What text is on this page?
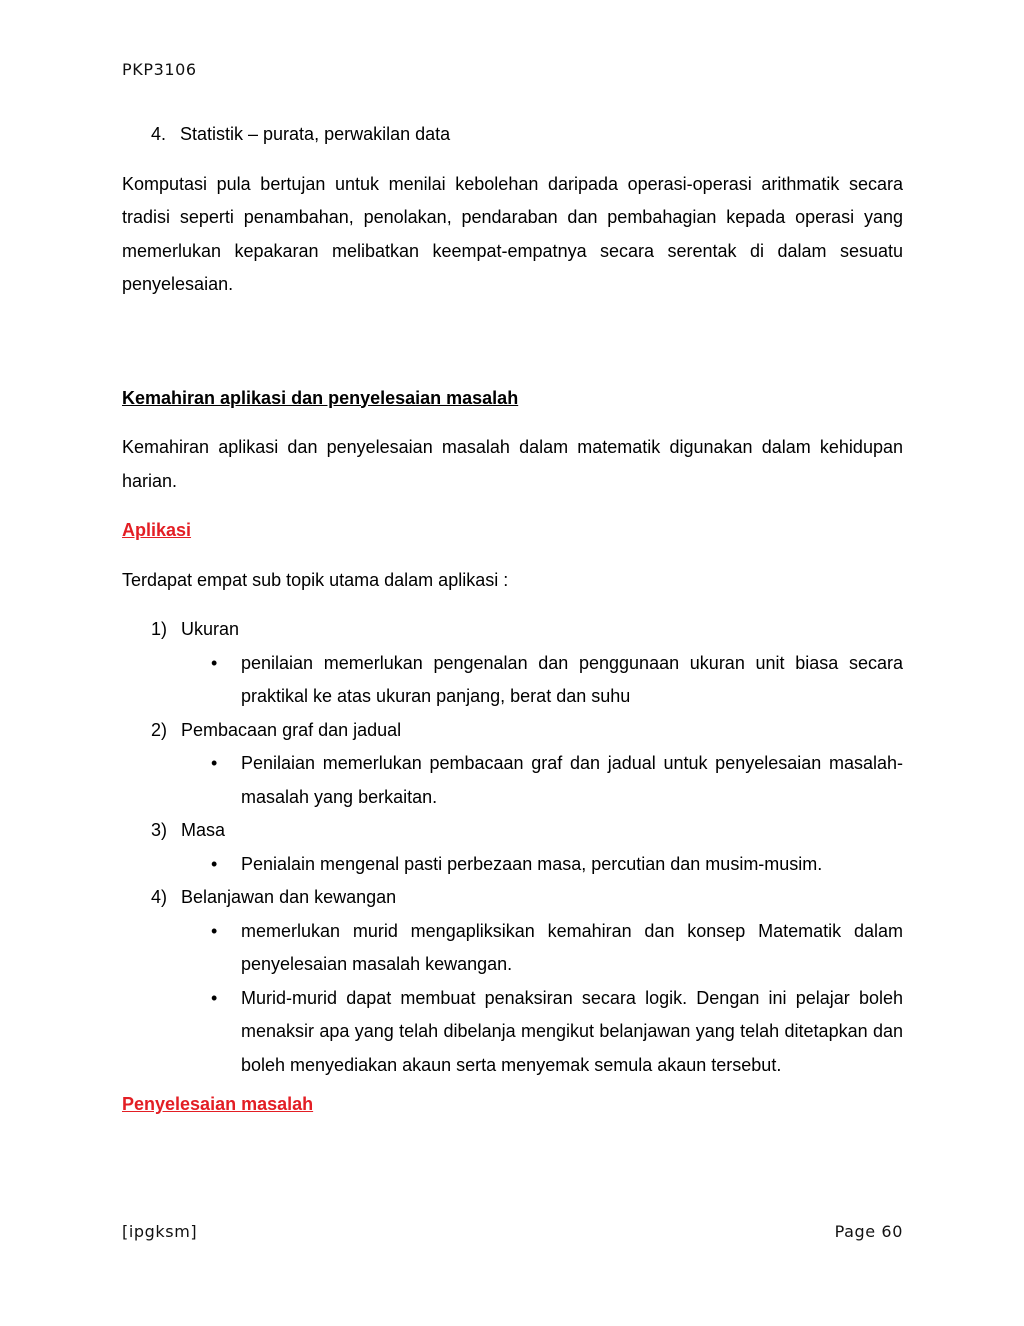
PKP3106
4. Statistik – purata, perwakilan data

Komputasi pula bertujan untuk menilai kebolehan daripada operasi-operasi arithmatik secara tradisi seperti penambahan, penolakan, pendaraban dan pembahagian kepada operasi yang memerlukan kepakaran melibatkan keempat-empatnya secara serentak di dalam sesuatu penyelesaian.

Kemahiran aplikasi dan penyelesaian masalah

Kemahiran aplikasi dan penyelesaian masalah dalam matematik digunakan dalam kehidupan harian.

Aplikasi

Terdapat empat sub topik utama dalam aplikasi :

1) Ukuran
• penilaian memerlukan pengenalan dan penggunaan ukuran unit biasa secara praktikal ke atas ukuran panjang, berat dan suhu
2) Pembacaan graf dan jadual
• Penilaian memerlukan pembacaan graf dan jadual untuk penyelesaian masalah-masalah yang berkaitan.
3) Masa
• Penialain mengenal pasti perbezaan masa, percutian dan musim-musim.
4) Belanjawan dan kewangan
• memerlukan murid mengapliksikan kemahiran dan konsep Matematik dalam penyelesaian masalah kewangan.
• Murid-murid dapat membuat penaksiran secara logik. Dengan ini pelajar boleh menaksir apa yang telah dibelanja mengikut belanjawan yang telah ditetapkan dan boleh menyediakan akaun serta menyemak semula akaun tersebut.

Penyelesaian masalah

[ipgksm]	Page 60
